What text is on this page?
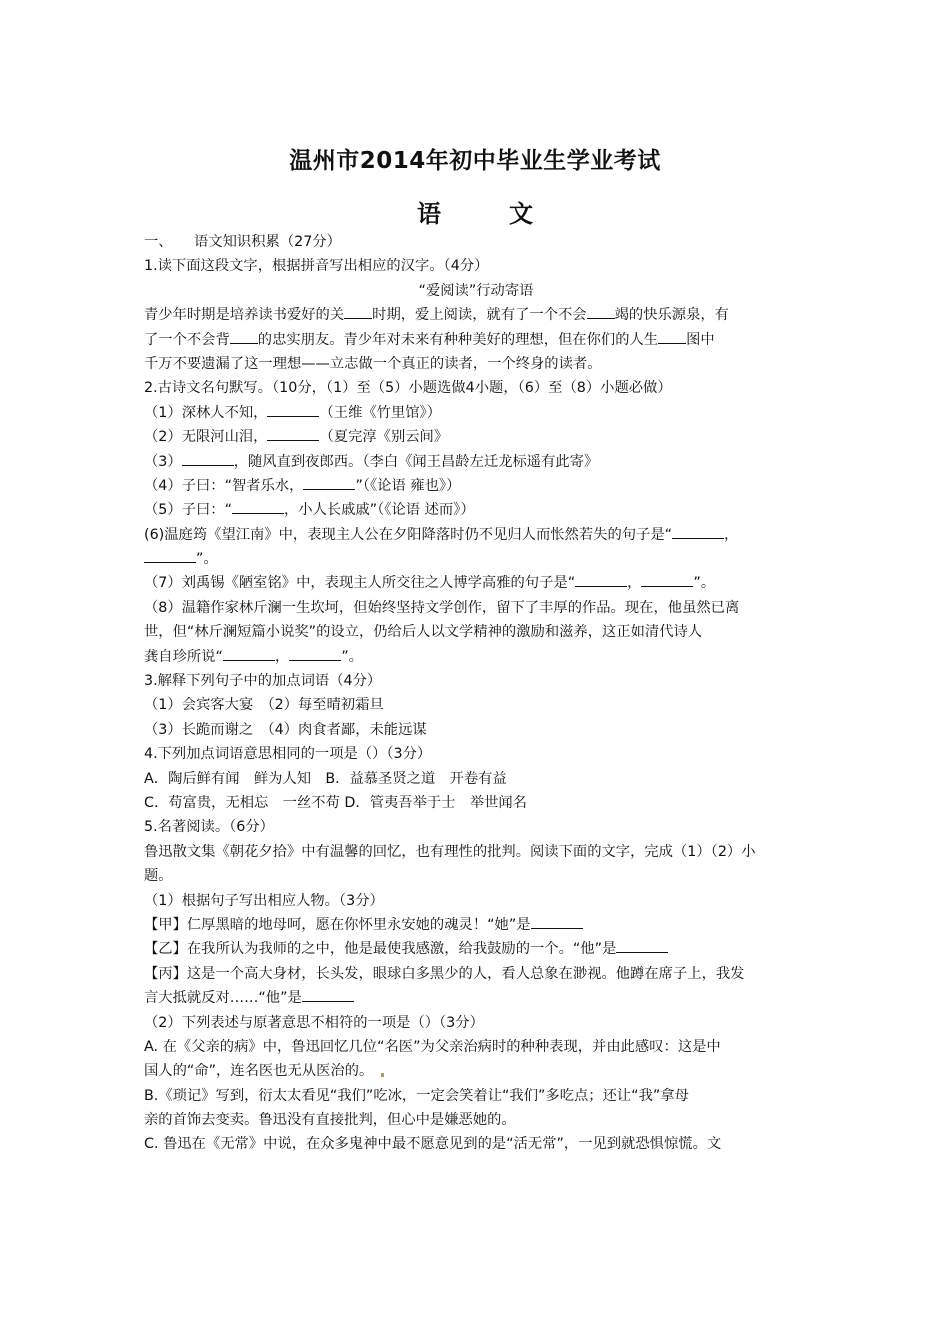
温州市2014年初中毕业生学业考试
语　文
一、　　语文知识积累（27分）
1.读下面这段文字，根据拼音写出相应的汉字。（4分）
“爱阅读”行动寄语
青少年时期是培养读书爱好的关 时期，爱上阅读，就有了一个不会 竭的快乐源泉，有
了一个不会背 的忠实朋友。青少年对未来有种种美好的理想，但在你们的人生 图中
千万不要遗漏了这一理想——立志做一个真正的读者，一个终身的读者。
2.古诗文名句默写。（10分，（1）至（5）小题选做4小题，（6）至（8）小题必做）
（1）深林人不知，	（王维《竹里馆》）
（2）无限河山泪，	（夏完淳《别云间》
（3）	，随风直到夜郎西。（李白《闻王昌龄左迁龙标遥有此寄》
（4）子曰：“智者乐水，	”（《论语 雍也》）
（5）子曰：“	，小人长戚戚”（《论语 述而》）
(6)温庭筠《望江南》中，表现主人公在夕阳降落时仍不见归人而怅然若失的句子是“	，
”。
（7）刘禹锡《陋室铭》中，表现主人所交往之人博学高雅的句子是“	，	”。
（8）温籍作家林斤澜一生坎坷，但始终坚持文学创作，留下了丰厚的作品。现在，他虽然已离
世，但“林斤澜短篇小说奖”的设立，仍给后人以文学精神的激励和滋养，这正如清代诗人
龚自珍所说“	，	”。
3.解释下列句子中的加点词语（4分）
（1）会宾客大宴　（2）每至晴初霜旦
（3）长跪而谢之　（4）肉食者鄙，未能远谋
4.下列加点词语意思相同的一项是（）（3分）
A．陶后鲜有闻　鲜为人知　B．益慕圣贤之道　开卷有益
C．苟富贵，无相忘　一丝不苟 D．管夷吾举于士　举世闻名
5.名著阅读。（6分）
鲁迅散文集《朝花夕拾》中有温馨的回忆，也有理性的批判。阅读下面的文字，完成（1）（2）小
题。
（1）根据句子写出相应人物。（3分）
【甲】仁厚黑暗的地母呵，愿在你怀里永安她的魂灵！“她”是
【乙】在我所认为我师的之中，他是最使我感激，给我鼓励的一个。“他”是
【丙】这是一个高大身材，长头发，眼球白多黑少的人，看人总象在渺视。他蹲在席子上，我发
言大抵就反对……“他”是
（2）下列表述与原著意思不相符的一项是（）（3分）
A. 在《父亲的病》中，鲁迅回忆几位“名医”为父亲治病时的种种表现，并由此感叹：这是中
国人的“命”，连名医也无从医治的。
B.《琐记》写到，衍太太看见“我们”吃冰，一定会笑着让“我们”多吃点；还让“我”拿母
亲的首饰去变卖。鲁迅没有直接批判，但心中是嫌恶她的。
C. 鲁迅在《无常》中说，在众多鬼神中最不愿意见到的是“活无常”，一见到就恐惧惊慌。文
